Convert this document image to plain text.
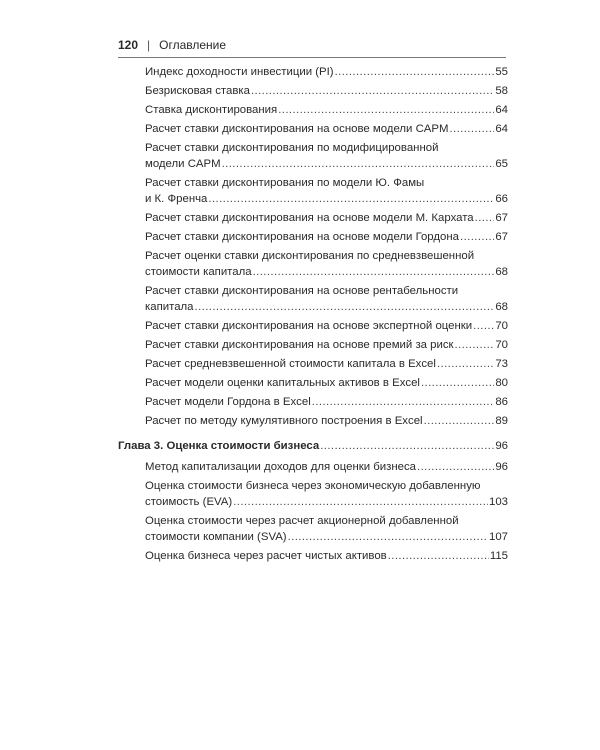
120 | Оглавление
Индекс доходности инвестиции (PI) .....	55
Безрисковая ставка .....	58
Ставка дисконтирования .....	64
Расчет ставки дисконтирования на основе модели CAPM .....	64
Расчет ставки дисконтирования по модифицированной
модели CAPM .....	65
Расчет ставки дисконтирования по модели Ю. Фамы
и К. Френча .....	66
Расчет ставки дисконтирования на основе модели М. Кархата ..... 67
Расчет ставки дисконтирования на основе модели Гордона .....	67
Расчет оценки ставки дисконтирования по средневзвешенной
стоимости капитала .....	68
Расчет ставки дисконтирования на основе рентабельности
капитала .....	68
Расчет ставки дисконтирования на основе экспертной оценки ..... 70
Расчет ставки дисконтирования на основе премий за риск .....	70
Расчет средневзвешенной стоимости капитала в Excel .....	73
Расчет модели оценки капитальных активов в Excel .....	80
Расчет модели Гордона в Excel .....	86
Расчет по методу кумулятивного построения в Excel .....	89
Глава 3. Оценка стоимости бизнеса .....	96
Метод капитализации доходов для оценки бизнеса .....	96
Оценка стоимости бизнеса через экономическую добавленную
стоимость (EVA) .....	103
Оценка стоимости через расчет акционерной добавленной
стоимости компании (SVA) .....	107
Оценка бизнеса через расчет чистых активов .....	115
